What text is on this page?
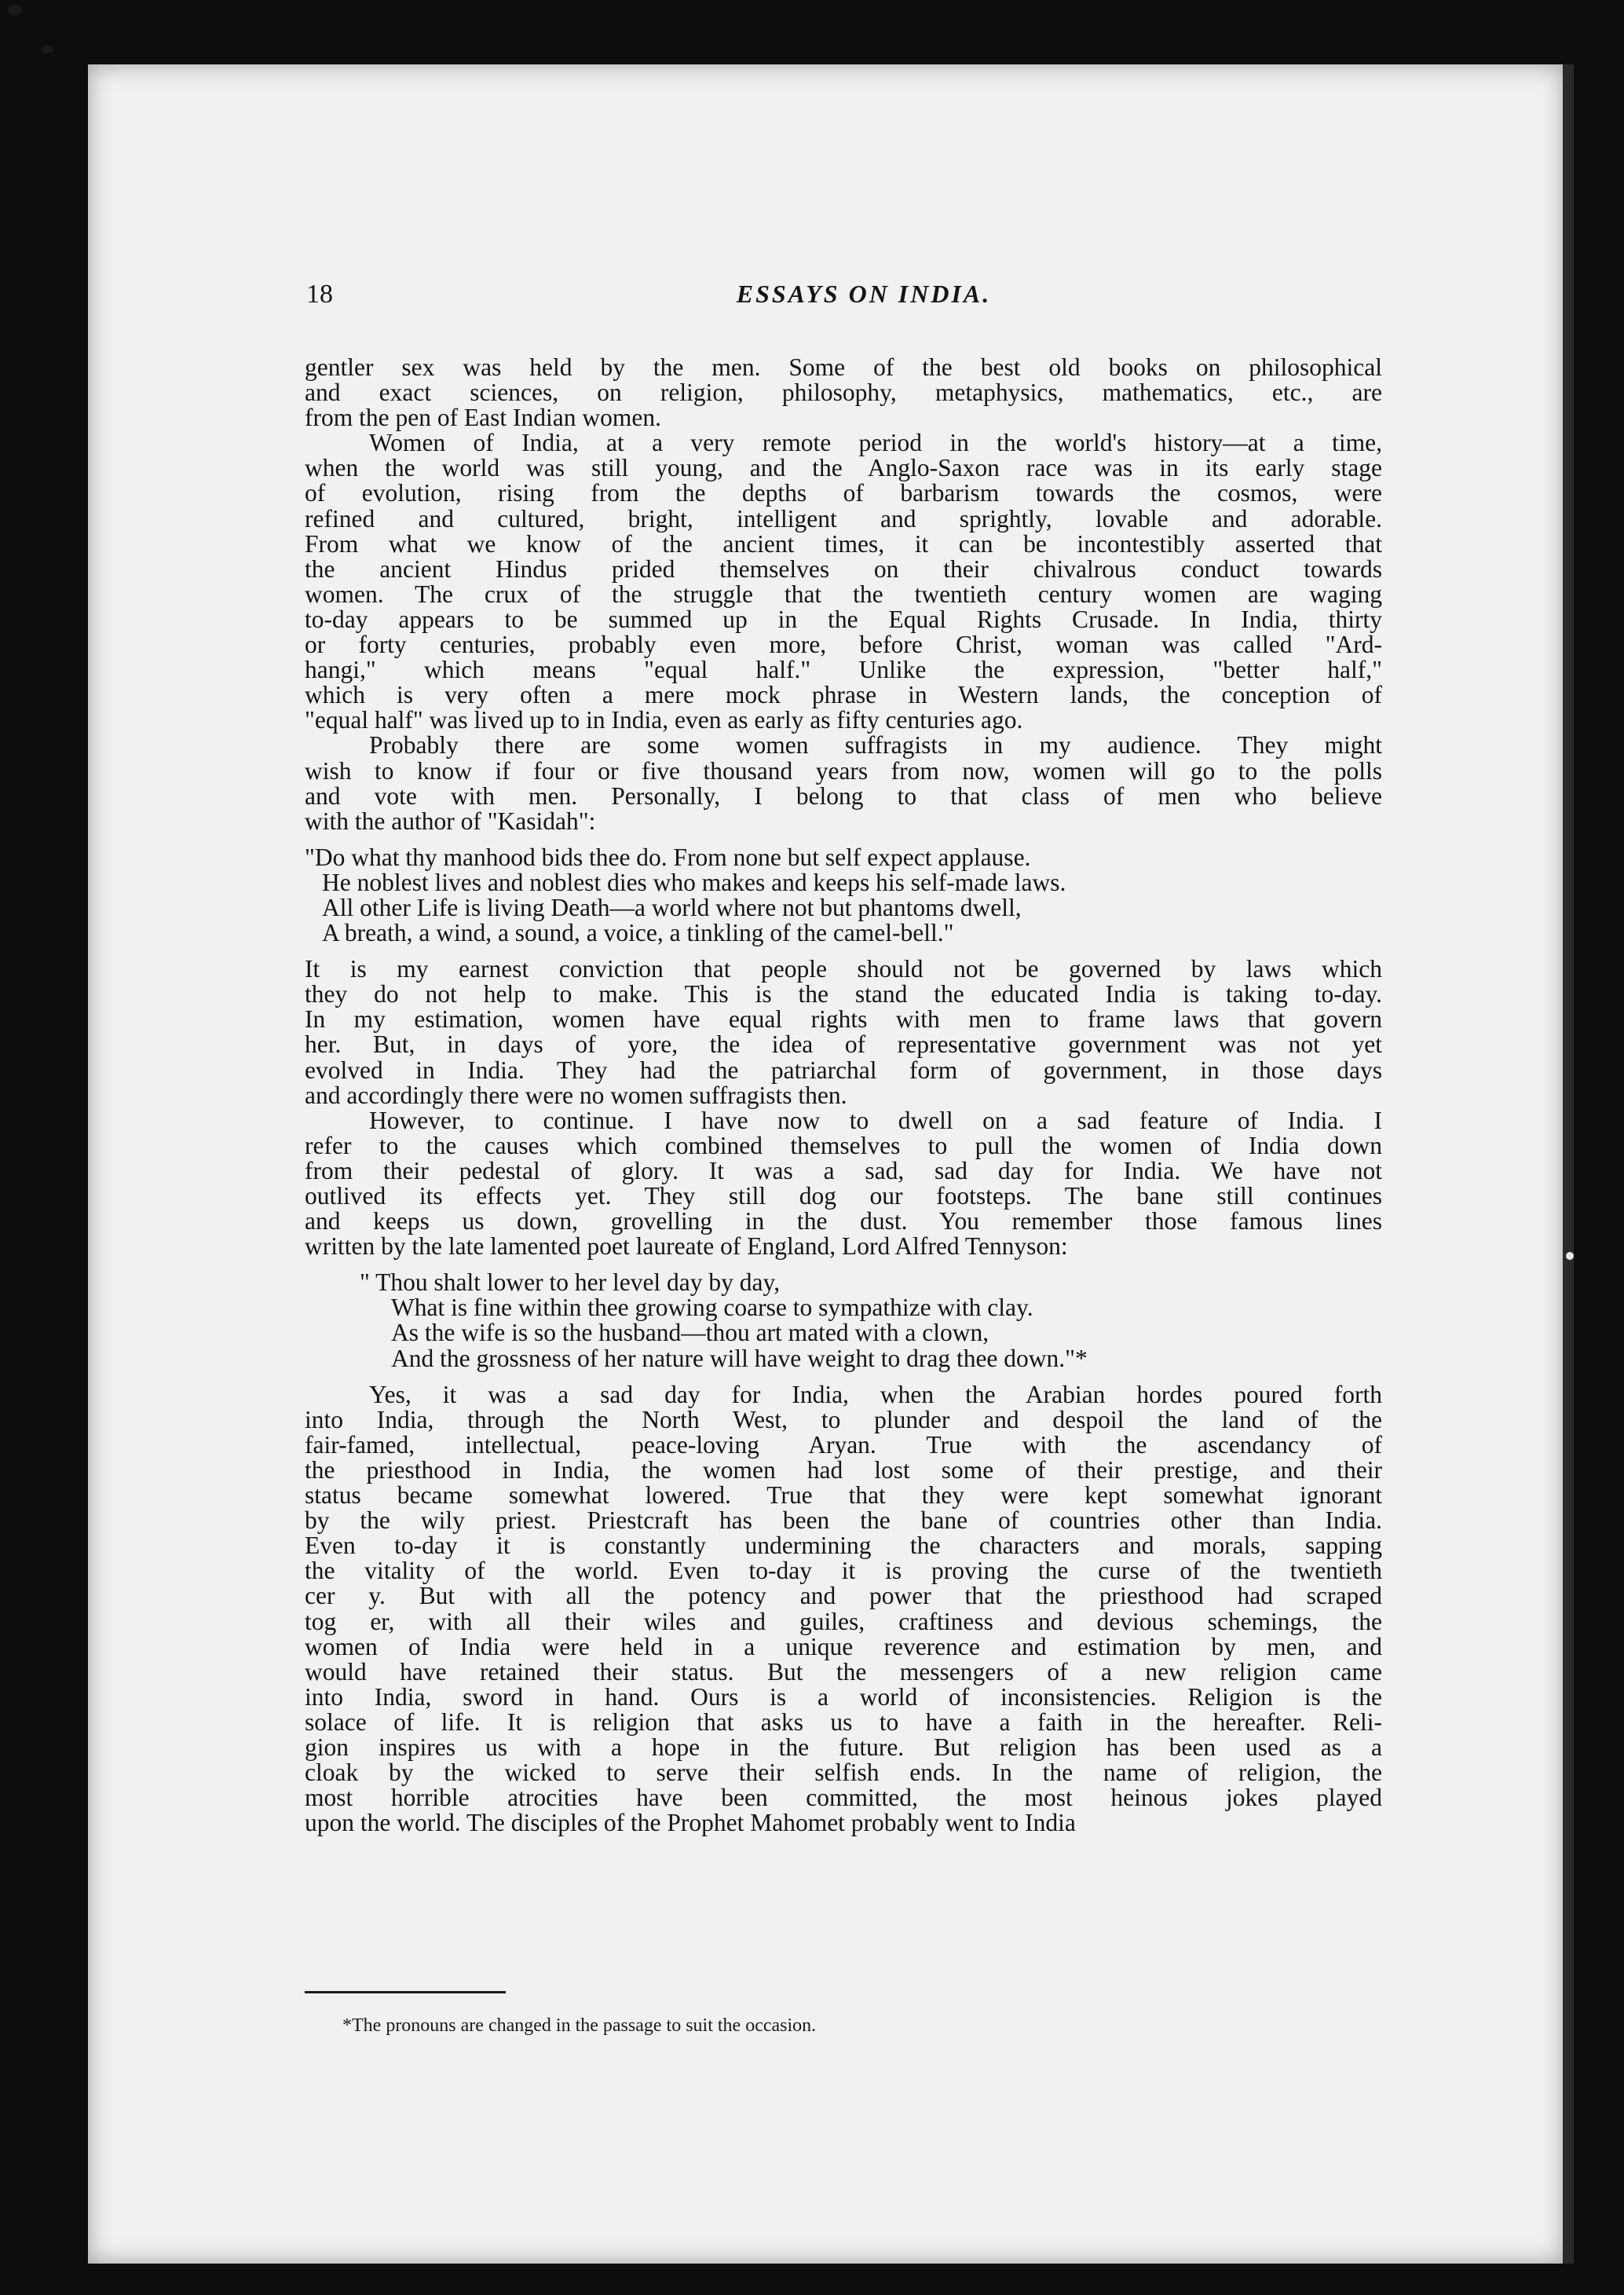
18	ESSAYS ON INDIA.
gentler sex was held by the men. Some of the best old books on philosophical
and exact sciences, on religion, philosophy, metaphysics, mathematics, etc., are
from the pen of East Indian women.
Women of India, at a very remote period in the world's history—at a time,
when the world was still young, and the Anglo-Saxon race was in its early stage
of evolution, rising from the depths of barbarism towards the cosmos, were
refined and cultured, bright, intelligent and sprightly, lovable and adorable.
From what we know of the ancient times, it can be incontestibly asserted that
the ancient Hindus prided themselves on their chivalrous conduct towards
women. The crux of the struggle that the twentieth century women are waging
to-day appears to be summed up in the Equal Rights Crusade. In India, thirty
or forty centuries, probably even more, before Christ, woman was called "Ard-
hangi," which means "equal half." Unlike the expression, "better half,"
which is very often a mere mock phrase in Western lands, the conception of
"equal half" was lived up to in India, even as early as fifty centuries ago.
Probably there are some women suffragists in my audience. They might
wish to know if four or five thousand years from now, women will go to the polls
and vote with men. Personally, I belong to that class of men who believe
with the author of "Kasidah":
"Do what thy manhood bids thee do. From none but self expect applause.
He noblest lives and noblest dies who makes and keeps his self-made laws.
All other Life is living Death—a world where not but phantoms dwell,
A breath, a wind, a sound, a voice, a tinkling of the camel-bell."
It is my earnest conviction that people should not be governed by laws which
they do not help to make. This is the stand the educated India is taking to-day.
In my estimation, women have equal rights with men to frame laws that govern
her. But, in days of yore, the idea of representative government was not yet
evolved in India. They had the patriarchal form of government, in those days
and accordingly there were no women suffragists then.
However, to continue. I have now to dwell on a sad feature of India. I
refer to the causes which combined themselves to pull the women of India down
from their pedestal of glory. It was a sad, sad day for India. We have not
outlived its effects yet. They still dog our footsteps. The bane still continues
and keeps us down, grovelling in the dust. You remember those famous lines
written by the late lamented poet laureate of England, Lord Alfred Tennyson:
" Thou shalt lower to her level day by day,
What is fine within thee growing coarse to sympathize with clay.
As the wife is so the husband—thou art mated with a clown,
And the grossness of her nature will have weight to drag thee down."*
Yes, it was a sad day for India, when the Arabian hordes poured forth
into India, through the North West, to plunder and despoil the land of the
fair-famed, intellectual, peace-loving Aryan. True with the ascendancy of
the priesthood in India, the women had lost some of their prestige, and their
status became somewhat lowered. True that they were kept somewhat ignorant
by the wily priest. Priestcraft has been the bane of countries other than India.
Even to-day it is constantly undermining the characters and morals, sapping
the vitality of the world. Even to-day it is proving the curse of the twentieth
cer y. But with all the potency and power that the priesthood had scraped
tog er, with all their wiles and guiles, craftiness and devious schemings, the
women of India were held in a unique reverence and estimation by men, and
would have retained their status. But the messengers of a new religion came
into India, sword in hand. Ours is a world of inconsistencies. Religion is the
solace of life. It is religion that asks us to have a faith in the hereafter. Reli-
gion inspires us with a hope in the future. But religion has been used as a
cloak by the wicked to serve their selfish ends. In the name of religion, the
most horrible atrocities have been committed, the most heinous jokes played
upon the world. The disciples of the Prophet Mahomet probably went to India
*The pronouns are changed in the passage to suit the occasion.
